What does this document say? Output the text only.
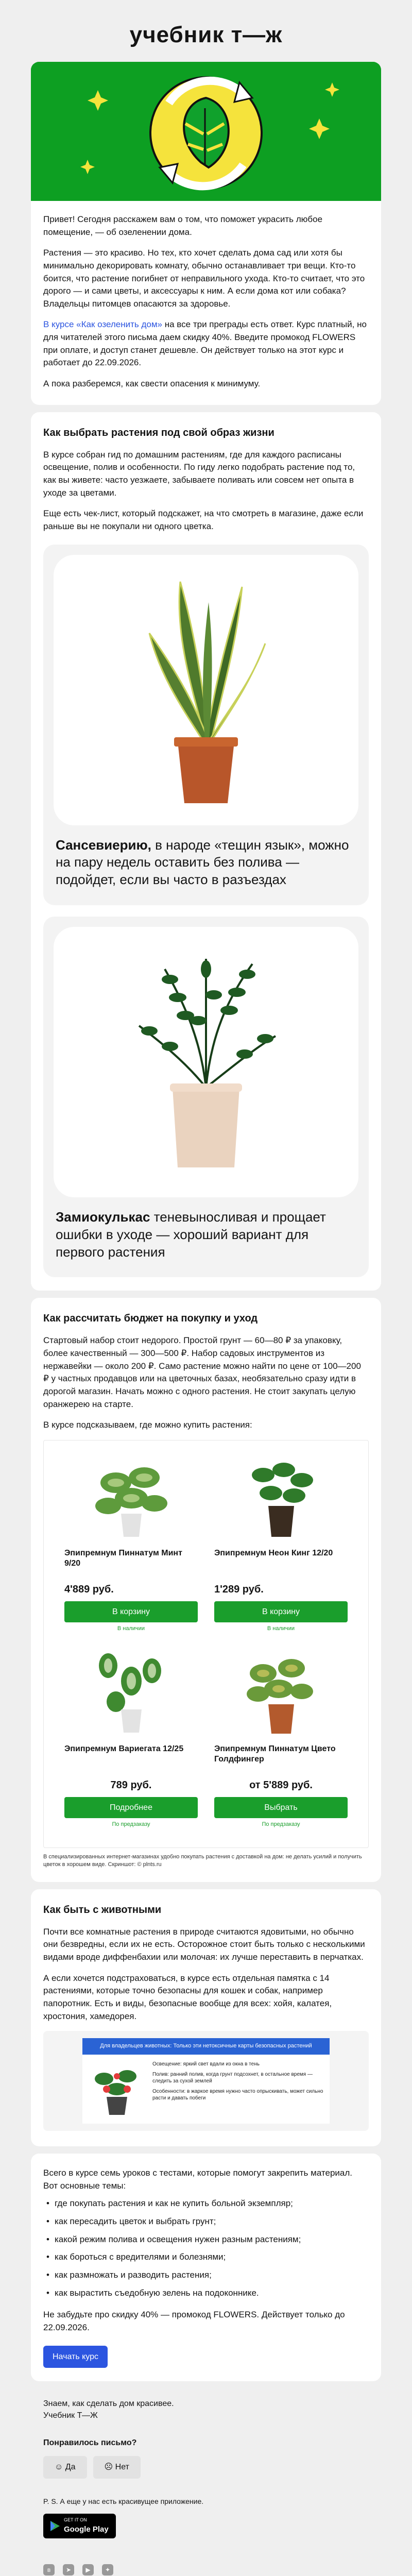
учебник т—ж

Привет! Сегодня расскажем вам о том, что поможет украсить любое помещение, — об озеленении дома.

Растения — это красиво. Но тех, кто хочет сделать дома сад или хотя бы минимально декорировать комнату, обычно останавливает три вещи. Кто-то боится, что растение погибнет от неправильного ухода. Кто-то считает, что это дорого — и сами цветы, и аксессуары к ним. А если дома кот или собака? Владельцы питомцев опасаются за здоровье.

В курсе «Как озеленить дом» на все три преграды есть ответ. Курс платный, но для читателей этого письма даем скидку 40%. Введите промокод FLOWERS при оплате, и доступ станет дешевле. Он действует только на этот курс и работает до 22.09.2026.

А пока разберемся, как свести опасения к минимуму.

Как выбрать растения под свой образ жизни

В курсе собран гид по домашним растениям, где для каждого расписаны освещение, полив и особенности. По гиду легко подобрать растение под то, как вы живете: часто уезжаете, забываете поливать или совсем нет опыта в уходе за цветами.

Еще есть чек-лист, который подскажет, на что смотреть в магазине, даже если раньше вы не покупали ни одного цветка.

Сансевиерию, в народе «тещин язык», можно на пару недель оставить без полива — подойдет, если вы часто в разъездах
Замиокулькас теневыносливая и прощает ошибки в уходе — хороший вариант для первого растения
Как рассчитать бюджет на покупку и уход

Стартовый набор стоит недорого. Простой грунт — 60—80 ₽ за упаковку, более качественный — 300—500 ₽. Набор садовых инструментов из нержавейки — около 200 ₽. Само растение можно найти по цене от 100—200 ₽ у частных продавцов или на цветочных базах, необязательно сразу идти в дорогой магазин. Начать можно с одного растения. Не стоит закупать целую оранжерею на старте.

В курсе подсказываем, где можно купить растения:

Эпипремнум Пиннатум Минт 9/20
4'889 руб.
В корзину
В наличии
Эпипремнум Неон Кинг 12/20
1'289 руб.
В корзину
В наличии
Эпипремнум Вариегата 12/25
789 руб.
Подробнее
По предзаказу
Эпипремнум Пиннатум Цвето Голдфингер
от 5'889 руб.
Выбрать
По предзаказу
В специализированных интернет-магазинах удобно покупать растения с доставкой на дом: не делать усилий и получить цветок в хорошем виде. Скриншот: © plnts.ru
Как быть с животными

Почти все комнатные растения в природе считаются ядовитыми, но обычно они безвредны, если их не есть. Осторожное стоит быть только с несколькими видами вроде диффенбахии или молочая: их лучше переставить в перчатках.

А если хочется подстраховаться, в курсе есть отдельная памятка с 14 растениями, которые точно безопасны для кошек и собак, например папоротник. Есть и виды, безопасные вообще для всех: хойя, калатея, хростония, хамедорея.

Для владельцев животных: Только эти нетоксичные карты безопасных растений

Освещение: яркий свет вдали из окна в тень

Полив: ранний полив, когда грунт подсохнет, в остальное время — следить за сухой землей

Особенности: в жаркое время нужно часто опрыскивать, может сильно расти и давать побеги

Всего в курсе семь уроков с тестами, которые помогут закрепить материал. Вот основные темы:

• где покупать растения и как не купить больной экземпляр;
• как пересадить цветок и выбрать грунт;
• какой режим полива и освещения нужен разным растениям;
• как бороться с вредителями и болезнями;
• как размножать и разводить растения;
• как вырастить съедобную зелень на подоконнике.

Не забудьте про скидку 40% — промокод FLOWERS. Действует только до 22.09.2026.

Начать курс
Знаем, как сделать дом красивее.
Учебник Т—Ж
Понравилось письмо?
☺ Да	☹ Нет
P. S. А еще у нас есть красивущее приложение.
GET IT ON
Google Play
в	➤	▶	✦
